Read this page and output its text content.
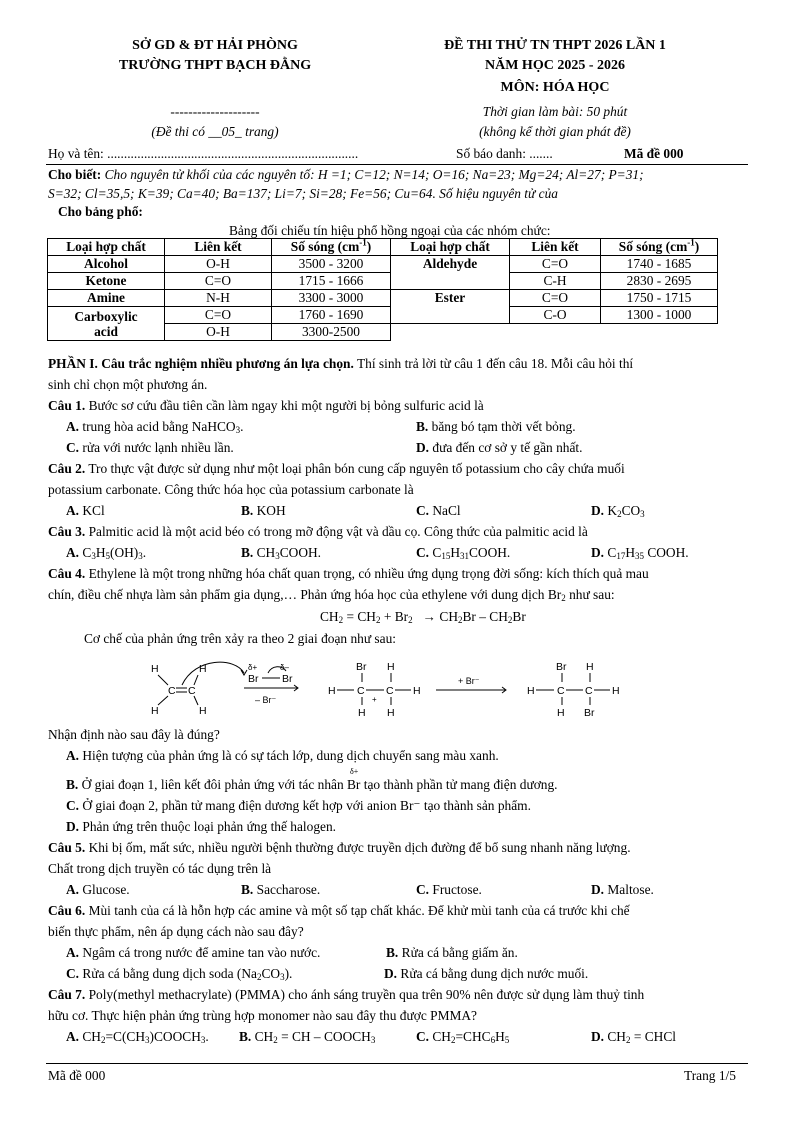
SỞ GD & ĐT HẢI PHÒNG
TRƯỜNG THPT BẠCH ĐẰNG
--------------------
(Đề thi có __05_ trang)
ĐỀ THI THỬ TN THPT 2026 LẦN 1
NĂM HỌC 2025 - 2026
MÔN: HÓA HỌC
Thời gian làm bài: 50 phút
(không kể thời gian phát đề)
Họ và tên: ...........................................................................	Số báo danh: .......	Mã đề 000
Cho biết: Cho nguyên tử khối của các nguyên tố: H =1; C=12; N=14; O=16; Na=23; Mg=24; Al=27; P=31;
S=32; Cl=35,5; K=39; Ca=40; Ba=137; Li=7; Si=28; Fe=56; Cu=64. Số hiệu nguyên tử của
Cho bảng phổ:
Bảng đối chiếu tín hiệu phổ hồng ngoại của các nhóm chức:
Loại hợp chất	Liên kết	Số sóng $(cm^{-1})$	Loại hợp chất	Liên kết	Số sóng $(cm^{-1})$
Alcohol	O-H	3500 - 3200	Aldehyde	C=O	1740 - 1685
Ketone	C=O	1715 - 1666		C-H	2830 - 2695
Amine	N-H	3300 - 3000	Ester	C=O	1750 - 1715
Carboxylic
acid	C=O	1760 - 1690		C-O	1300 - 1000
	O-H	3300-2500			
PHẦN I. Câu trắc nghiệm nhiều phương án lựa chọn. Thí sinh trả lời từ câu 1 đến câu 18. Mỗi câu hỏi thí
sinh chỉ chọn một phương án.
Câu 1. Bước sơ cứu đầu tiên cần làm ngay khi một người bị bỏng sulfuric acid là
A. trung hòa acid bằng NaHCO$_3$.	B. băng bó tạm thời vết bỏng.
C. rửa với nước lạnh nhiều lần.	D. đưa đến cơ sở y tế gần nhất.
Câu 2. Tro thực vật được sử dụng như một loại phân bón cung cấp nguyên tố potassium cho cây chứa muối
potassium carbonate. Công thức hóa học của potassium carbonate là
A. KCl	B. KOH	C. NaCl	D. $K_2CO_3$
Câu 3. Palmitic acid là một acid béo có trong mỡ động vật và dầu cọ. Công thức của palmitic acid là
A. $C_3H_5(OH)_3$.	B. $CH_3COOH$.	C. $C_{15}H_{31}COOH$.	D. $C_{17}H_{35}$ COOH.
Câu 4. Ethylene là một trong những hóa chất quan trọng, có nhiều ứng dụng trọng đời sống: kích thích quả mau
chín, điều chế nhựa làm sản phẩm gia dụng,… Phản ứng hóa học của ethylene với dung dịch $Br_2$ như sau:
$CH_2 = CH_2 + Br_2 \to CH_2Br - CH_2Br$
Cơ chế của phản ứng trên xảy ra theo 2 giai đoạn như sau:
H	H
H	H
C C
δ+	δ–
Br Br
– Br⁻
Br H
H C C H
H H
+
+ Br⁻
Br H
H C C H
H Br
Nhận định nào sau đây là đúng?
A. Hiện tượng của phản ứng là có sự tách lớp, dung dịch chuyển sang màu xanh.
B. Ở giai đoạn 1, liên kết đôi phản ứng với tác nhân
δ+
Br tạo thành phần tử mang điện dương.
C. Ở giai đoạn 2, phần tử mang điện dương kết hợp với anion Br⁻ tạo thành sản phẩm.
D. Phản ứng trên thuộc loại phản ứng thế halogen.
Câu 5. Khi bị ốm, mất sức, nhiều người bệnh thường được truyền dịch đường để bổ sung nhanh năng lượng.
Chất trong dịch truyền có tác dụng trên là
A. Glucose.	B. Saccharose.	C. Fructose.	D. Maltose.
Câu 6. Mùi tanh của cá là hỗn hợp các amine và một số tạp chất khác. Để khử mùi tanh của cá trước khi chế
biến thực phẩm, nên áp dụng cách nào sau đây?
A. Ngâm cá trong nước để amine tan vào nước.	B. Rửa cá bằng giấm ăn.
C. Rửa cá bằng dung dịch soda $(Na_2CO_3)$.	D. Rửa cá bằng dung dịch nước muối.
Câu 7. Poly(methyl methacrylate) (PMMA) cho ánh sáng truyền qua trên 90% nên được sử dụng làm thuỷ tinh
hữu cơ. Thực hiện phản ứng trùng hợp monomer nào sau đây thu được PMMA?
A. $CH_2=C(CH_3)COOCH_3$. B. $CH_2$ = CH – $COOCH_3$	C. $CH_2=CHC_6H_5$	D. $CH_2$ = CHCl
Mã đề 000	Trang 1/5
